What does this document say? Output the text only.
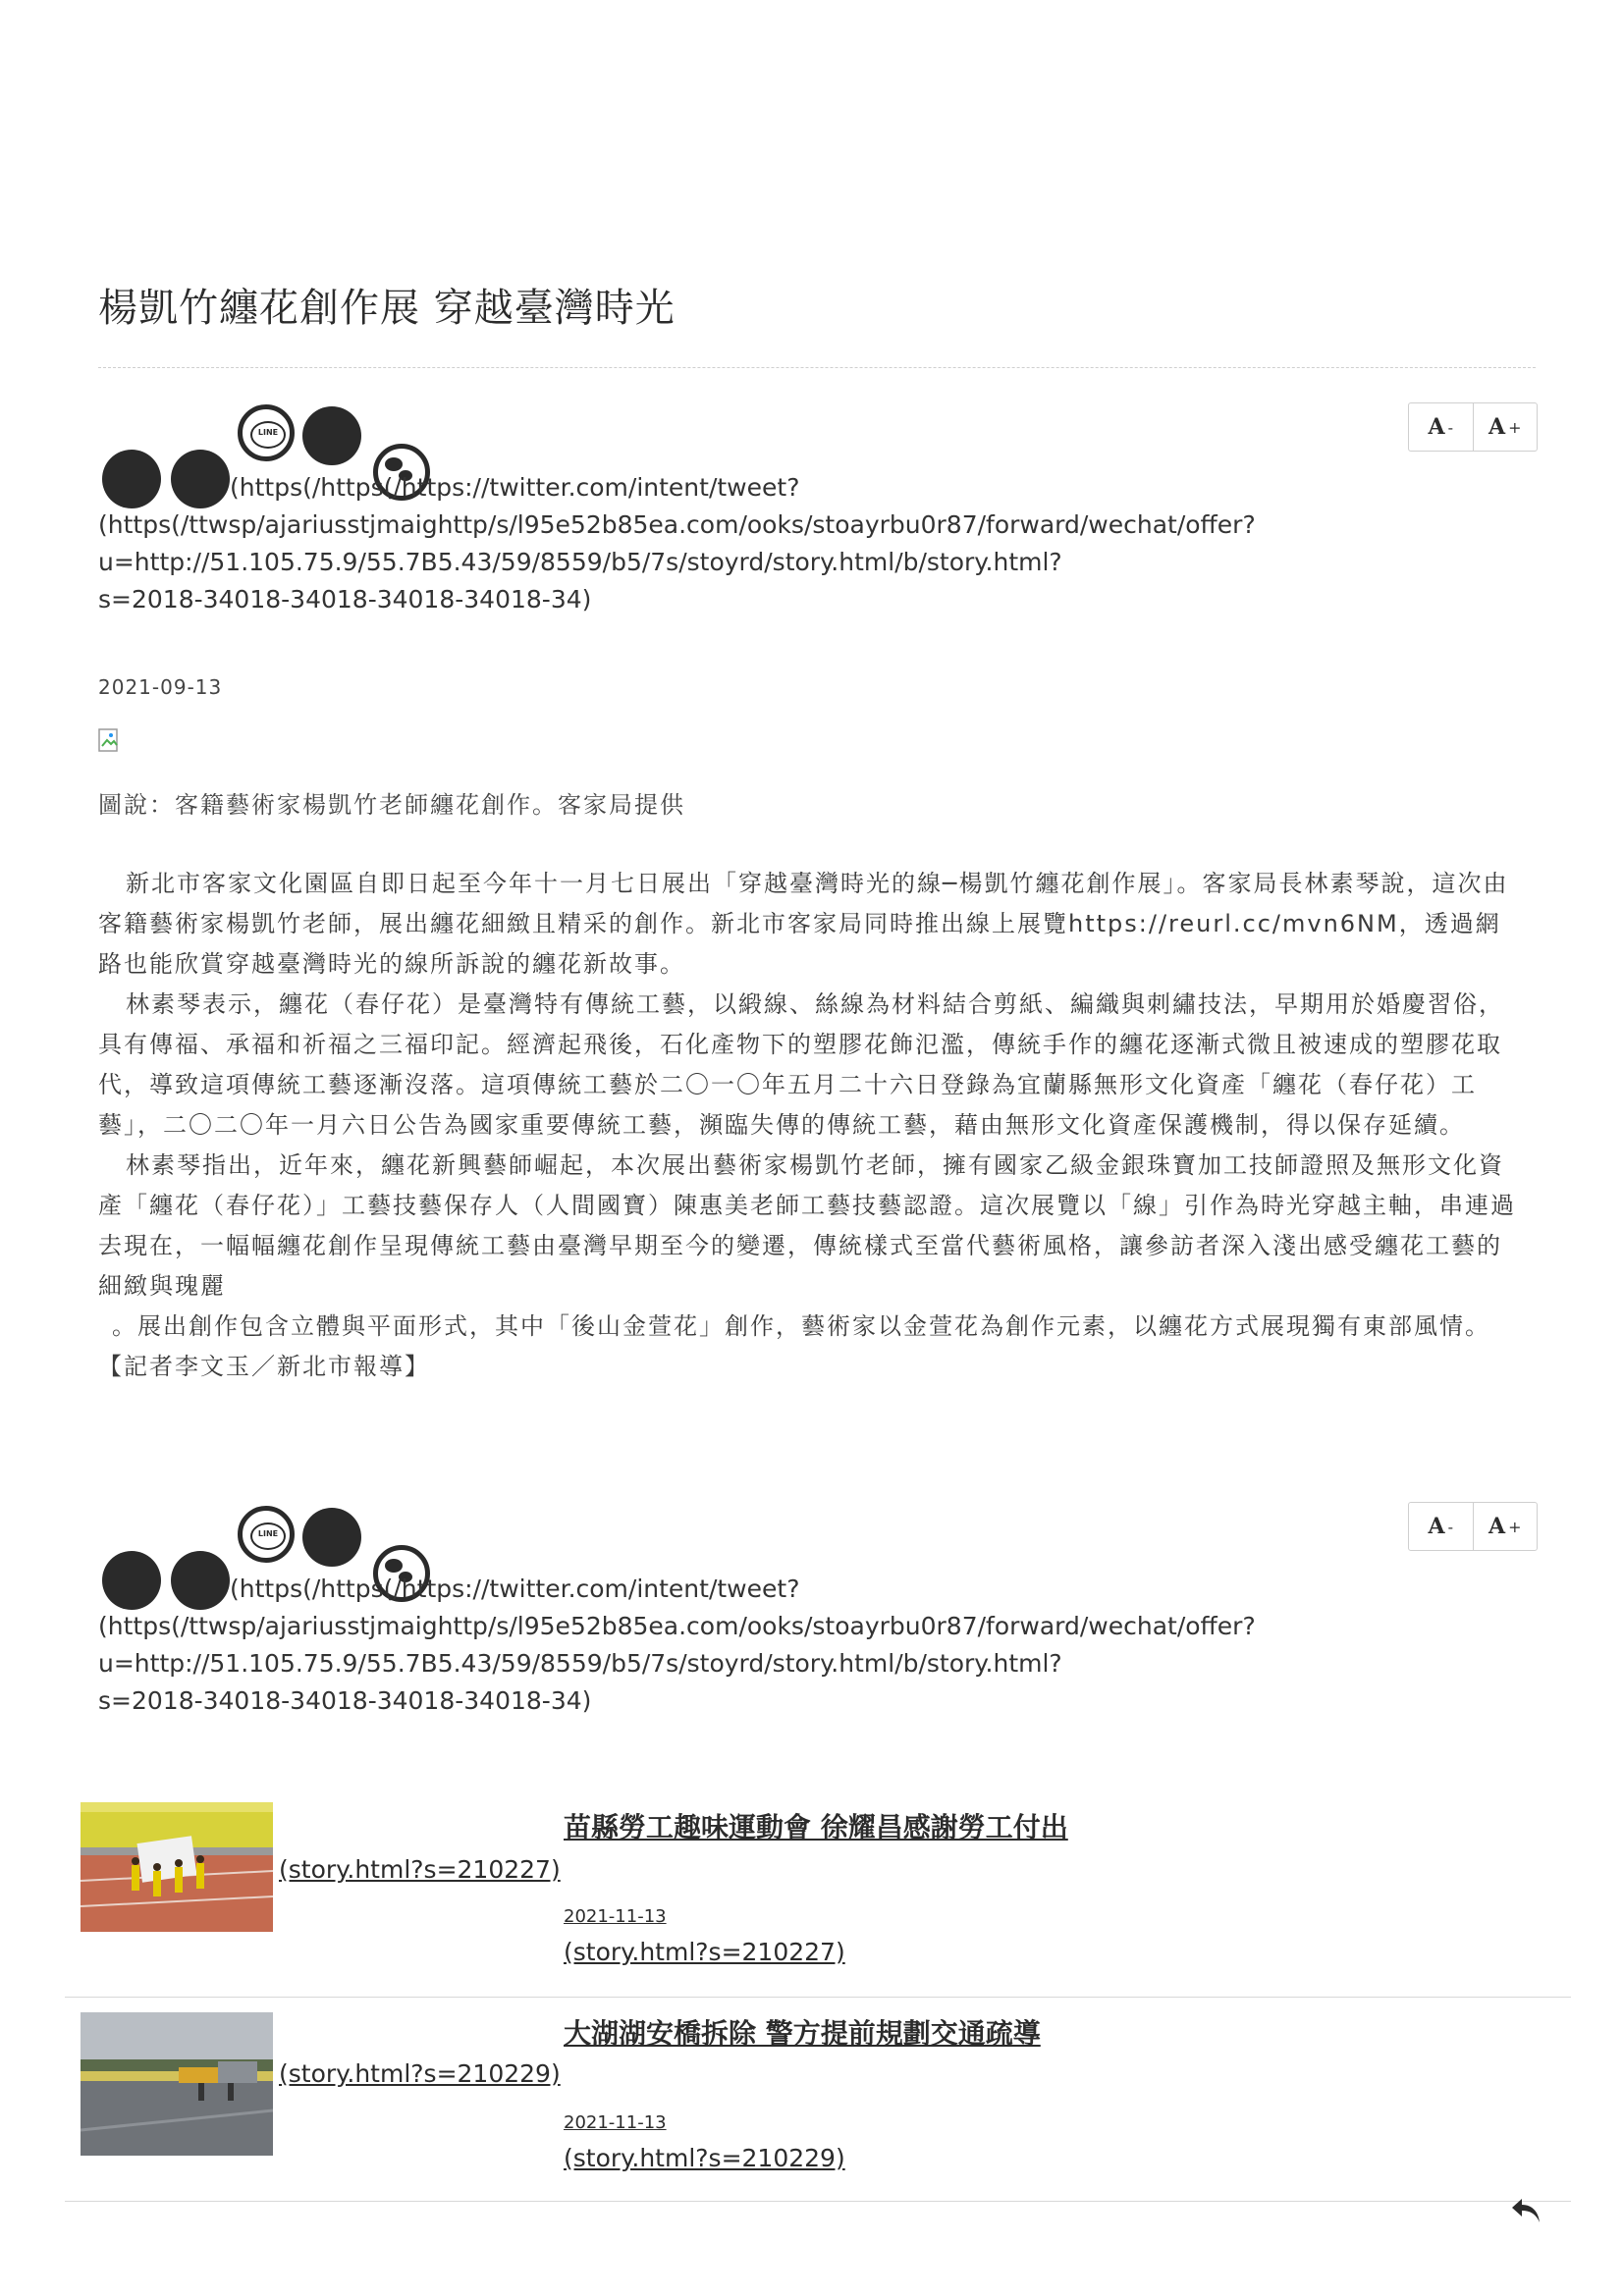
楊凱竹纏花創作展 穿越臺灣時光
LINE
(https(/https(/https://twitter.com/intent/tweet?
(https(/ttwsp/ajariusstjmaighttp/s/l95e52b85ea.com/ooks/stoayrbu0r87/forward/wechat/offer?
u=http://51.105.75.9/55.7B5.43/59/8559/b5/7s/stoyrd/story.html/b/story.html?
s=2018-34018-34018-34018-34018-34)
A - A +
2021-09-13
圖說：客籍藝術家楊凱竹老師纏花創作。客家局提供

新北市客家文化園區自即日起至今年十一月七日展出「穿越臺灣時光的線─楊凱竹纏花創作展」。客家局長林素琴說，這次由客籍藝術家楊凱竹老師，展出纏花細緻且精采的創作。新北市客家局同時推出線上展覽https://reurl.cc/mvn6NM，透過網路也能欣賞穿越臺灣時光的線所訴說的纏花新故事。

林素琴表示，纏花（春仔花）是臺灣特有傳統工藝，以緞線、絲線為材料結合剪紙、編織與刺繡技法，早期用於婚慶習俗，具有傳福、承福和祈福之三福印記。經濟起飛後，石化產物下的塑膠花飾氾濫，傳統手作的纏花逐漸式微且被速成的塑膠花取代，導致這項傳統工藝逐漸沒落。這項傳統工藝於二〇一〇年五月二十六日登錄為宜蘭縣無形文化資產「纏花（春仔花）工藝」，二〇二〇年一月六日公告為國家重要傳統工藝，瀕臨失傳的傳統工藝，藉由無形文化資產保護機制，得以保存延續。

林素琴指出，近年來，纏花新興藝師崛起，本次展出藝術家楊凱竹老師，擁有國家乙級金銀珠寶加工技師證照及無形文化資產「纏花（春仔花）」工藝技藝保存人（人間國寶）陳惠美老師工藝技藝認證。這次展覽以「線」引作為時光穿越主軸，串連過去現在，一幅幅纏花創作呈現傳統工藝由臺灣早期至今的變遷，傳統樣式至當代藝術風格，讓參訪者深入淺出感受纏花工藝的細緻與瑰麗

。展出創作包含立體與平面形式，其中「後山金萱花」創作，藝術家以金萱花為創作元素，以纏花方式展現獨有東部風情。【記者李文玉／新北市報導】

LINE
(https(/https(/https://twitter.com/intent/tweet?
(https(/ttwsp/ajariusstjmaighttp/s/l95e52b85ea.com/ooks/stoayrbu0r87/forward/wechat/offer?
u=http://51.105.75.9/55.7B5.43/59/8559/b5/7s/stoyrd/story.html/b/story.html?
s=2018-34018-34018-34018-34018-34)
A - A +
(story.html?s=210227)
苗縣勞工趣味運動會 徐耀昌感謝勞工付出
2021-11-13
(story.html?s=210227)
(story.html?s=210229)
大湖湖安橋拆除 警方提前規劃交通疏導
2021-11-13
(story.html?s=210229)
